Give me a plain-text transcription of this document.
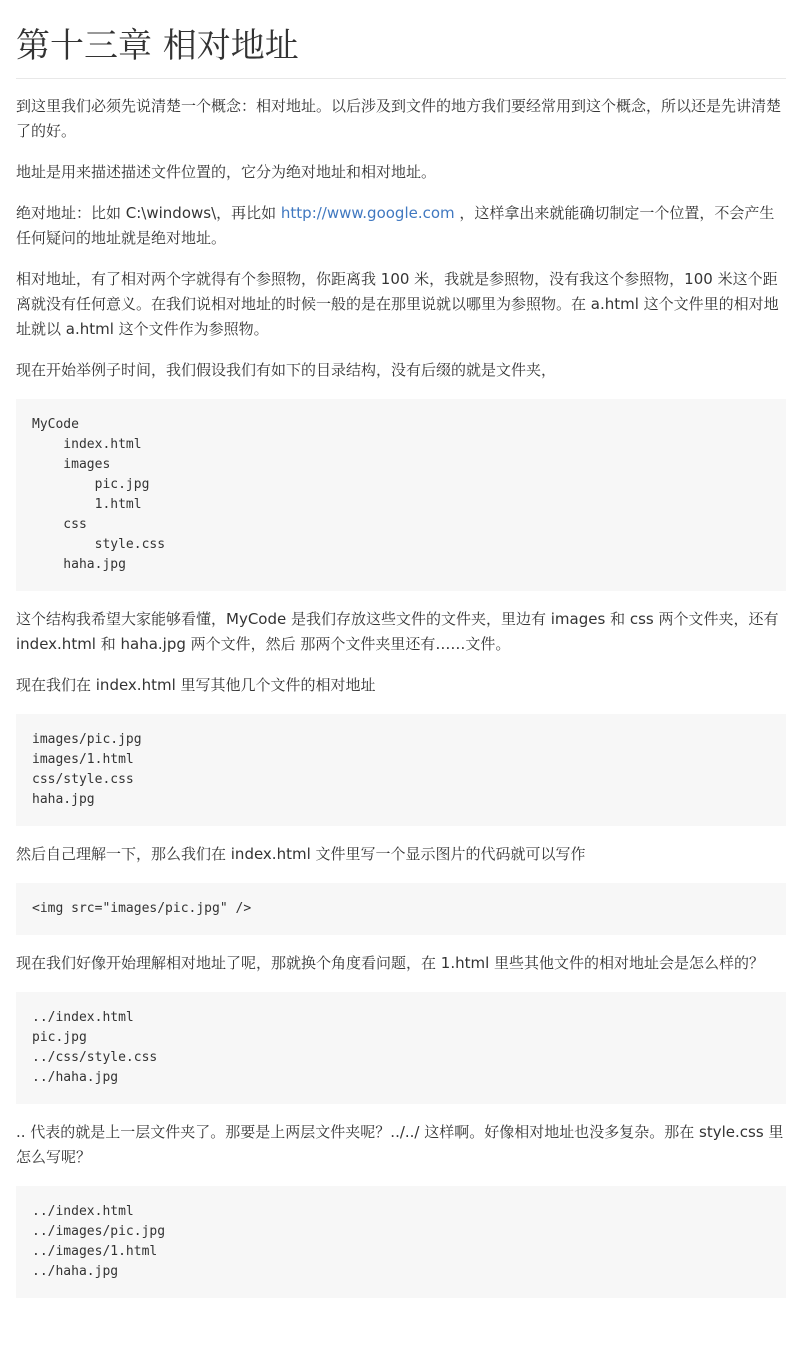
第十三章 相对地址

到这里我们必须先说清楚一个概念：相对地址。以后涉及到文件的地方我们要经常用到这个概念，所以还是先讲清楚了的好。

地址是用来描述描述文件位置的，它分为绝对地址和相对地址。

绝对地址：比如 C:\windows\，再比如 http://www.google.com ，这样拿出来就能确切制定一个位置，不会产生任何疑问的地址就是绝对地址。

相对地址，有了相对两个字就得有个参照物，你距离我 100 米，我就是参照物，没有我这个参照物，100 米这个距离就没有任何意义。在我们说相对地址的时候一般的是在那里说就以哪里为参照物。在 a.html 这个文件里的相对地址就以 a.html 这个文件作为参照物。

现在开始举例子时间，我们假设我们有如下的目录结构，没有后缀的就是文件夹，

MyCode
index.html
images
pic.jpg
1.html
css
style.css
haha.jpg

这个结构我希望大家能够看懂，MyCode 是我们存放这些文件的文件夹，里边有 images 和 css 两个文件夹，还有 index.html 和 haha.jpg 两个文件，然后 那两个文件夹里还有……文件。

现在我们在 index.html 里写其他几个文件的相对地址

images/pic.jpg
images/1.html
css/style.css
haha.jpg

然后自己理解一下，那么我们在 index.html 文件里写一个显示图片的代码就可以写作

<img src="images/pic.jpg" />

现在我们好像开始理解相对地址了呢，那就换个角度看问题，在 1.html 里些其他文件的相对地址会是怎么样的？

../index.html
pic.jpg
../css/style.css
../haha.jpg

.. 代表的就是上一层文件夹了。那要是上两层文件夹呢？../../ 这样啊。好像相对地址也没多复杂。那在 style.css 里怎么写呢？

../index.html
../images/pic.jpg
../images/1.html
../haha.jpg
